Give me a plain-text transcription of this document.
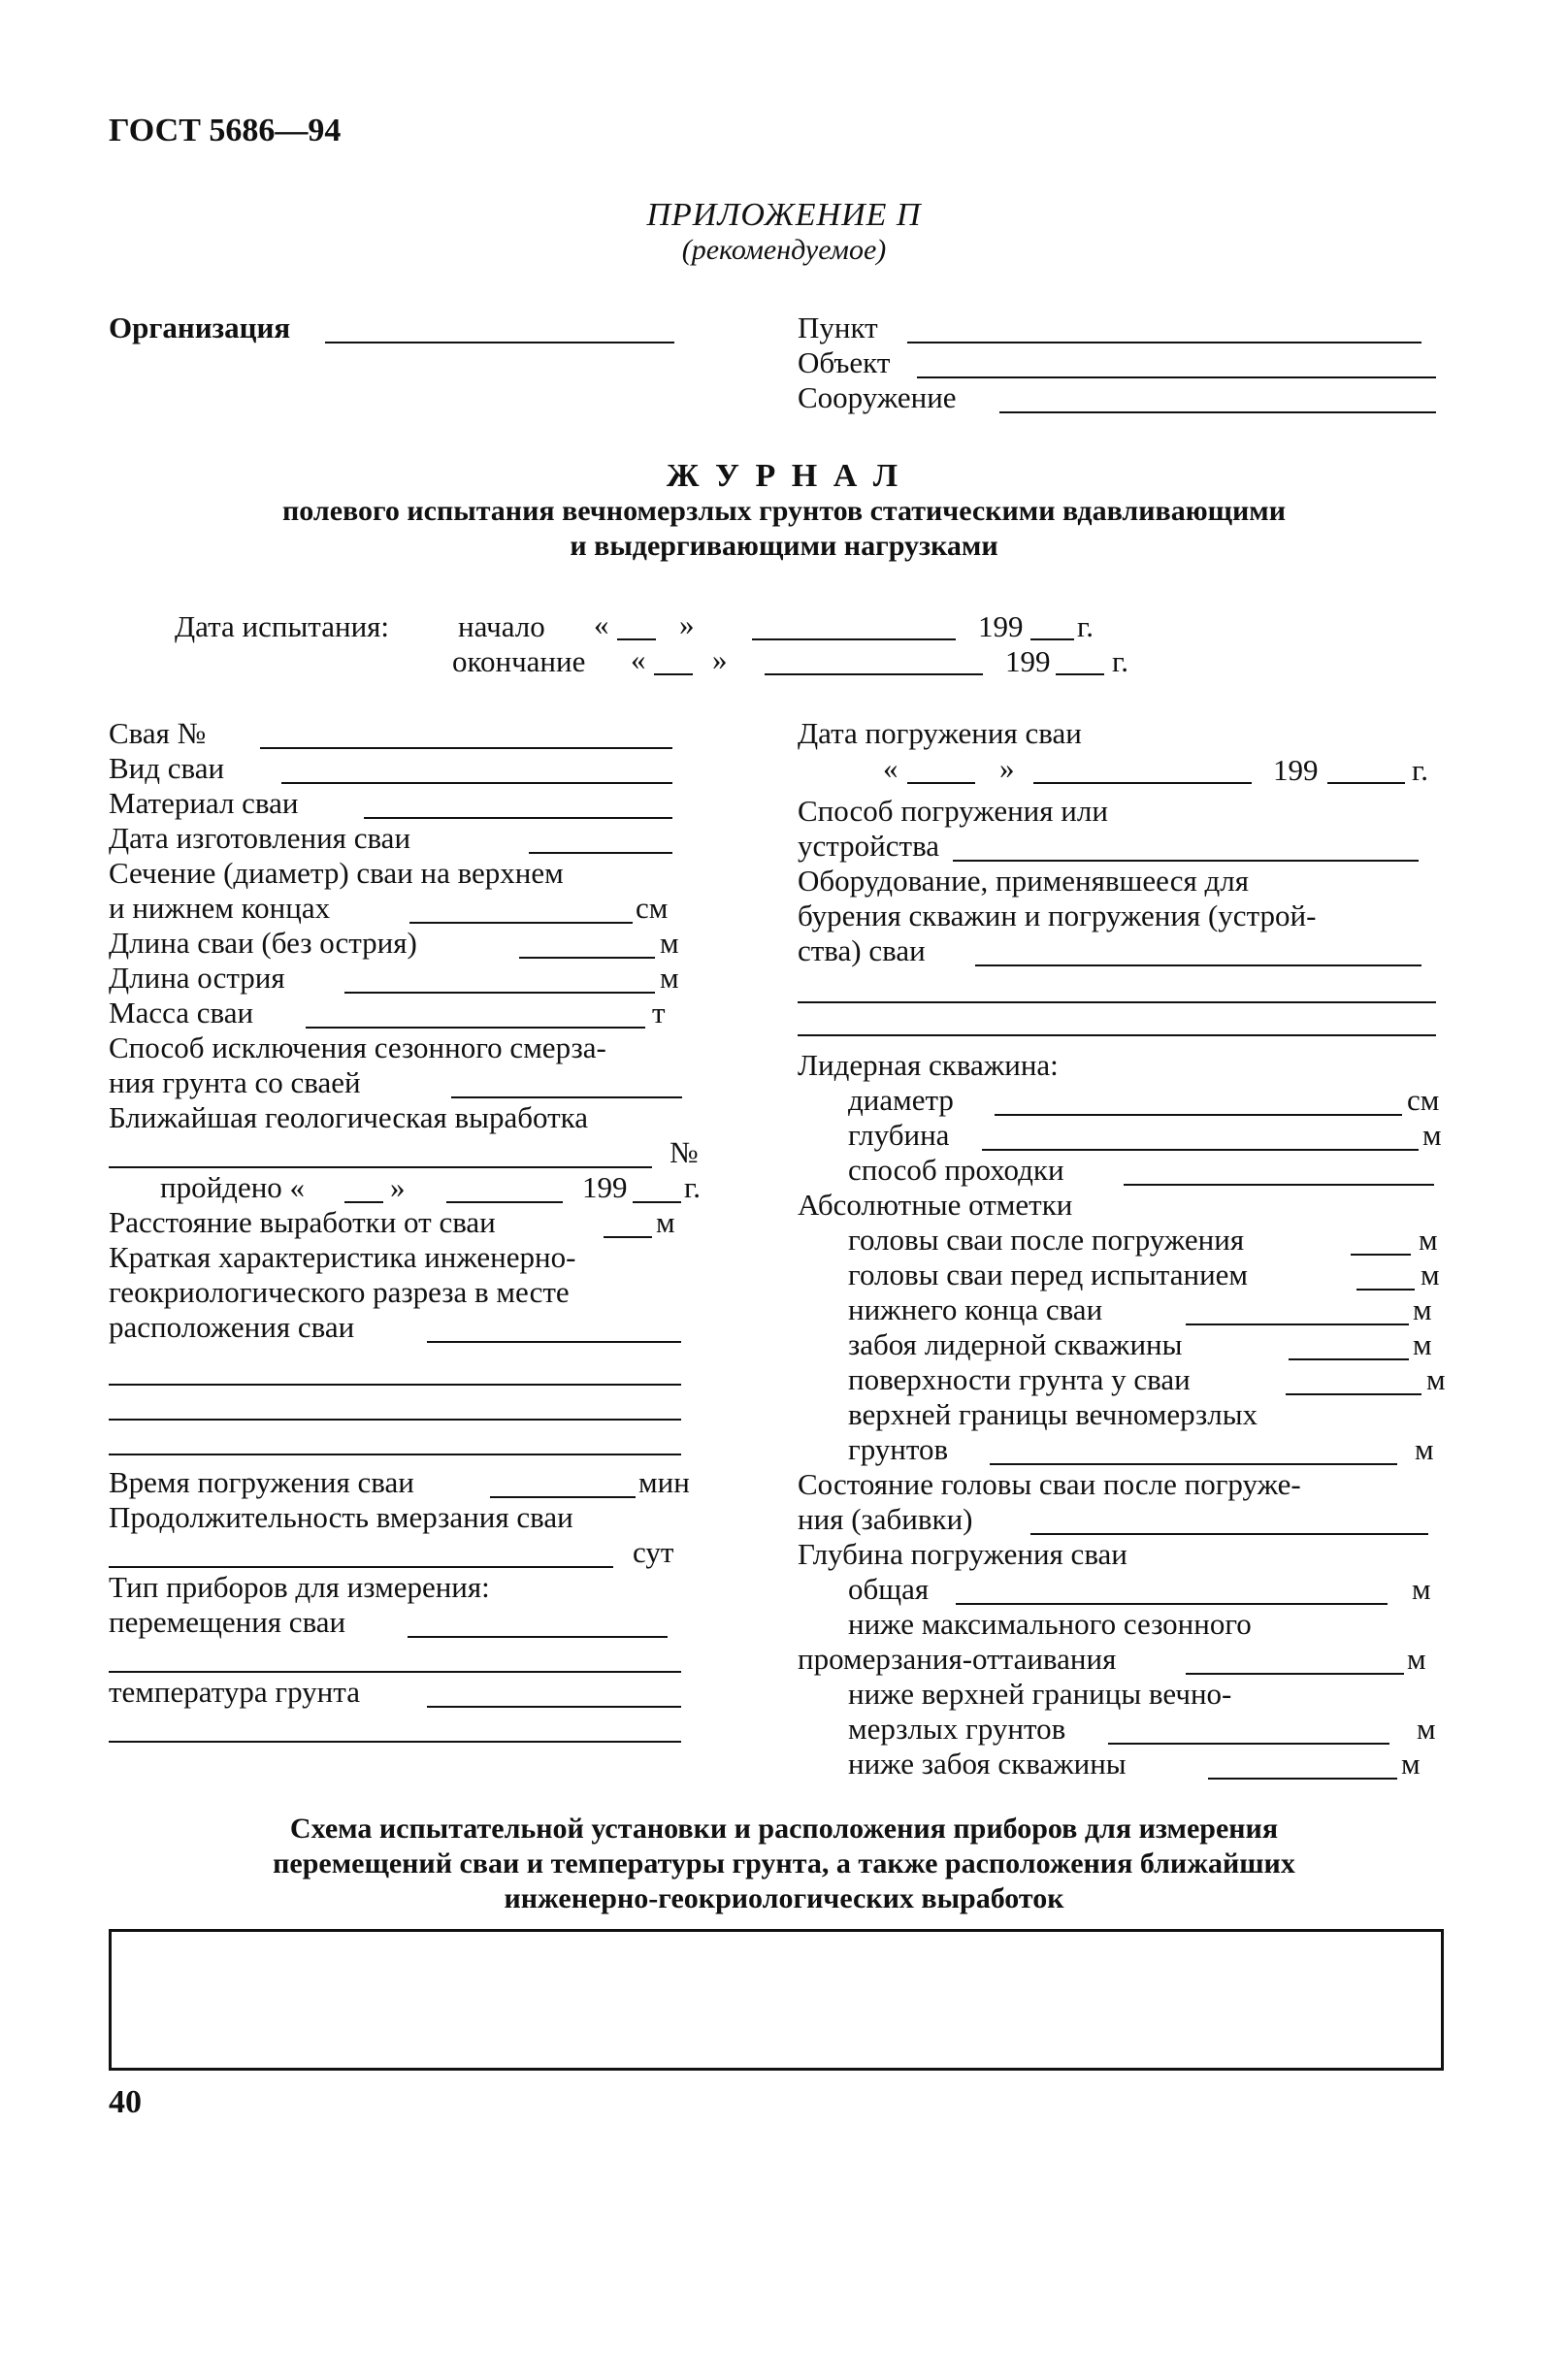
ГОСТ 5686—94
ПРИЛОЖЕНИЕ П
(рекомендуемое)
Организация	Пункт
Объект
Сооружение
Ж У Р Н А Л
полевого испытания вечномерзлых грунтов статическими вдавливающими
и выдергивающими нагрузками
Дата испытания: начало « »	199 г.
окончание « »	199 г.
Свая №
Вид сваи
Материал сваи
Дата изготовления сваи
Сечение (диаметр) сваи на верхнем
и нижнем концах	см
Длина сваи (без острия)	м
Длина острия	м
Масса сваи	т
Способ исключения сезонного смерза-
ния грунта со сваей
Ближайшая геологическая выработка
№
пройдено «	»	199 г.
Расстояние выработки от сваи	м
Краткая характеристика инженерно-
геокриологического разреза в месте
расположения сваи
Время погружения сваи	мин
Продолжительность вмерзания сваи
сут
Тип приборов для измерения:
перемещения сваи
температура грунта
Дата погружения сваи
«	»	199	г.
Способ погружения или
устройства
Оборудование, применявшееся для
бурения скважин и погружения (устрой-
ства) сваи
Лидерная скважина:
диаметр	см
глубина	м
способ проходки
Абсолютные отметки
головы сваи после погружения	м
головы сваи перед испытанием	м
нижнего конца сваи	м
забоя лидерной скважины	м
поверхности грунта у сваи	м
верхней границы вечномерзлых
грунтов	м
Состояние головы сваи после погруже-
ния (забивки)
Глубина погружения сваи
общая	м
ниже максимального сезонного
промерзания-оттаивания	м
ниже верхней границы вечно-
мерзлых грунтов	м
ниже забоя скважины	м
Схема испытательной установки и расположения приборов для измерения
перемещений сваи и температуры грунта, а также расположения ближайших
инженерно-геокриологических выработок
40
